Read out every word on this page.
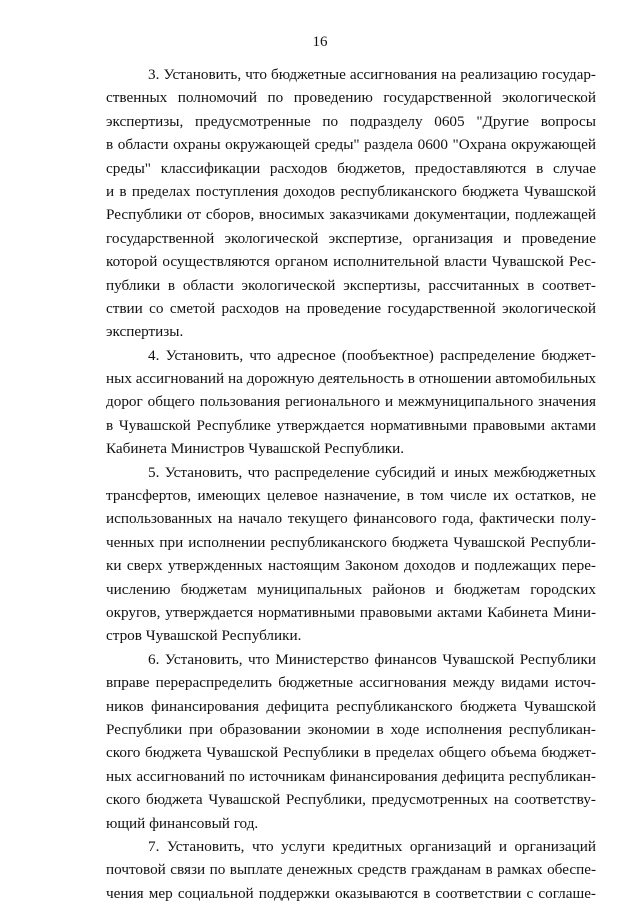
16

3. Установить, что бюджетные ассигнования на реализацию государ-
ственных полномочий по проведению государственной экологической
экспертизы, предусмотренные по подразделу 0605 "Другие вопросы
в области охраны окружающей среды" раздела 0600 "Охрана окружающей
среды" классификации расходов бюджетов, предоставляются в случае
и в пределах поступления доходов республиканского бюджета Чувашской
Республики от сборов, вносимых заказчиками документации, подлежащей
государственной экологической экспертизе, организация и проведение
которой осуществляются органом исполнительной власти Чувашской Рес-
публики в области экологической экспертизы, рассчитанных в соответ-
ствии со сметой расходов на проведение государственной экологической
экспертизы.

4. Установить, что адресное (пообъектное) распределение бюджет-
ных ассигнований на дорожную деятельность в отношении автомобильных
дорог общего пользования регионального и межмуниципального значения
в Чувашской Республике утверждается нормативными правовыми актами
Кабинета Министров Чувашской Республики.

5. Установить, что распределение субсидий и иных межбюджетных
трансфертов, имеющих целевое назначение, в том числе их остатков, не
использованных на начало текущего финансового года, фактически полу-
ченных при исполнении республиканского бюджета Чувашской Республи-
ки сверх утвержденных настоящим Законом доходов и подлежащих пере-
числению бюджетам муниципальных районов и бюджетам городских
округов, утверждается нормативными правовыми актами Кабинета Мини-
стров Чувашской Республики.

6. Установить, что Министерство финансов Чувашской Республики
вправе перераспределить бюджетные ассигнования между видами источ-
ников финансирования дефицита республиканского бюджета Чувашской
Республики при образовании экономии в ходе исполнения республикан-
ского бюджета Чувашской Республики в пределах общего объема бюджет-
ных ассигнований по источникам финансирования дефицита республикан-
ского бюджета Чувашской Республики, предусмотренных на соответству-
ющий финансовый год.

7. Установить, что услуги кредитных организаций и организаций
почтовой связи по выплате денежных средств гражданам в рамках обеспе-
чения мер социальной поддержки оказываются в соответствии с соглаше-
